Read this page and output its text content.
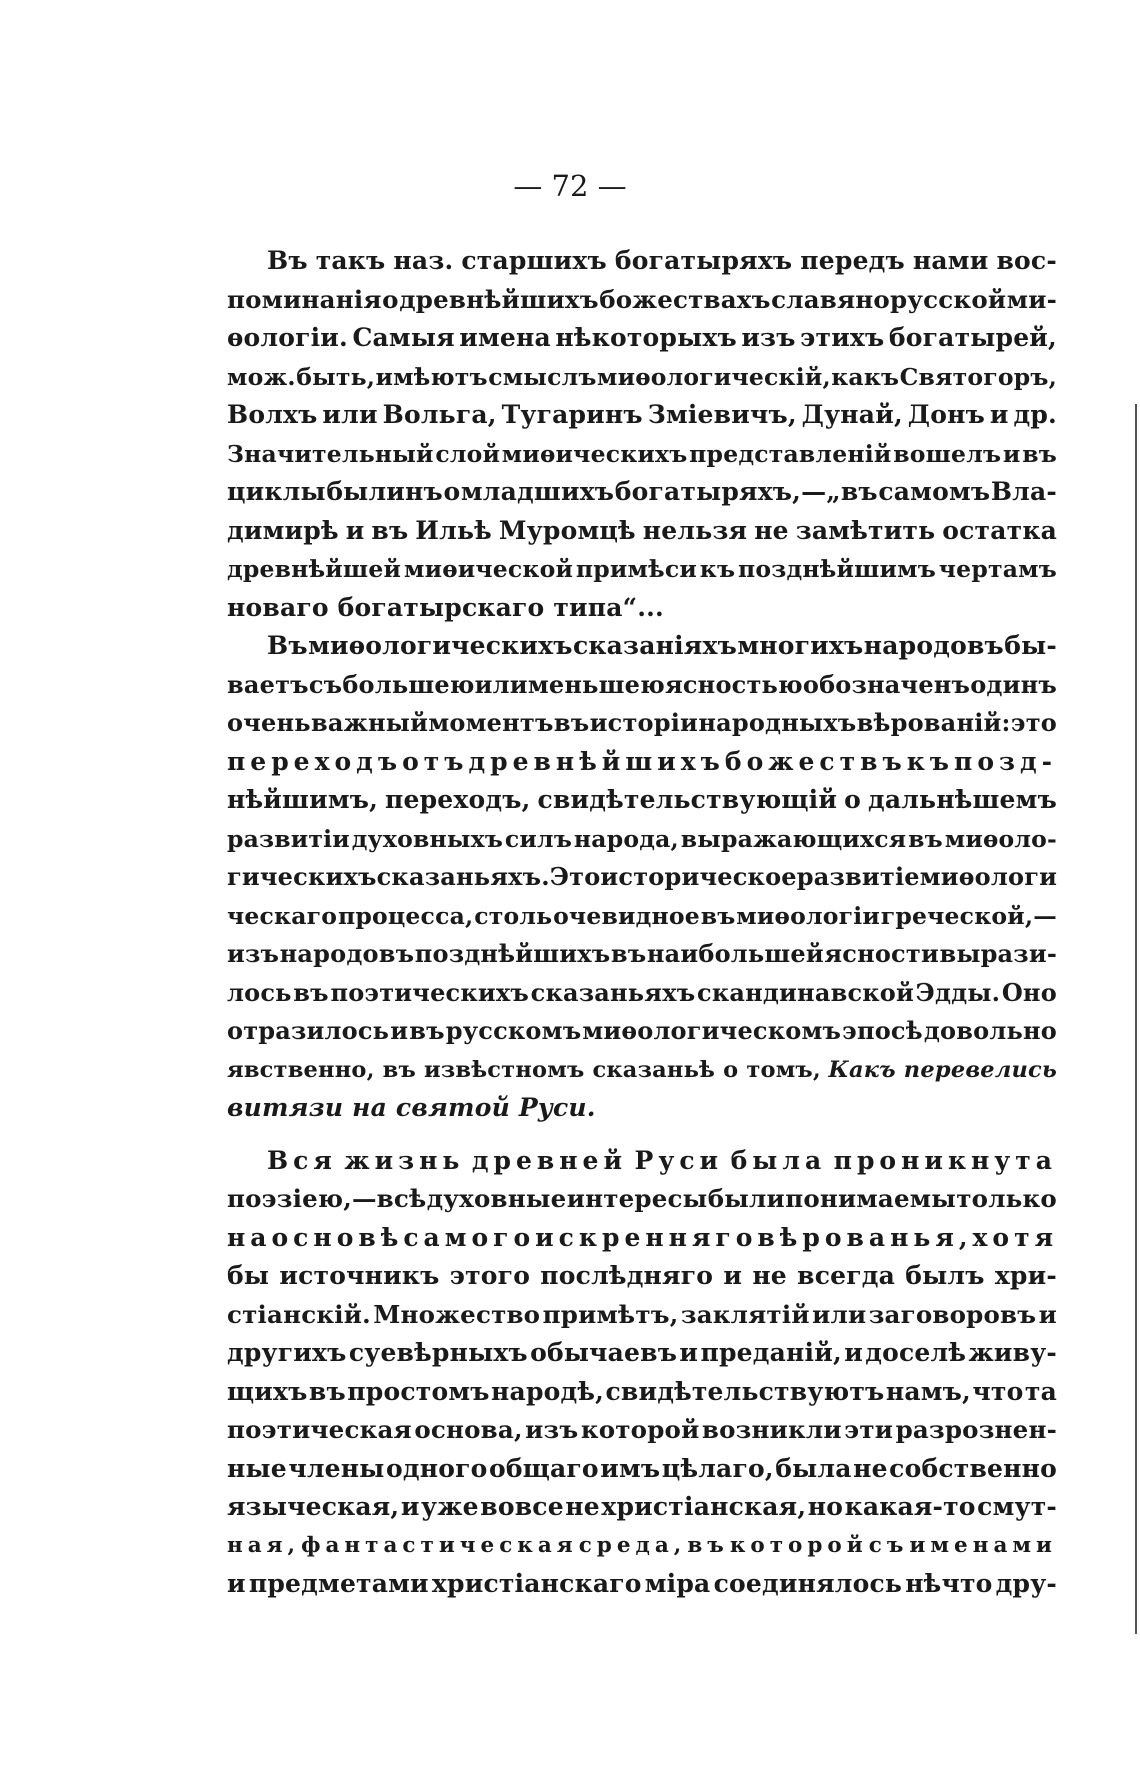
— 72 —
Въ такъ наз. старшихъ богатыряхъ передъ нами вос-
поминанія о древнѣйшихъ божествахъ славянорусской ми-
ѳологіи. Самыя имена нѣкоторыхъ изъ этихъ богатырей,
мож. быть, имѣютъ смыслъ миѳологическій, какъ Святогоръ,
Волхъ или Вольга, Тугаринъ Зміевичъ, Дунай, Донъ и др.
Значительный слой миѳическихъ представленій вошелъ и въ
циклы былинъ о младшихъ богатыряхъ,—„въ самомъ Вла-
димирѣ и въ Ильѣ Муромцѣ нельзя не замѣтить остатка
древнѣйшей миѳической примѣси къ позднѣйшимъ чертамъ
новаго богатырскаго типа“...
Въ миѳологическихъ сказаніяхъ многихъ народовъ бы-
ваетъ съ большею или меньшею ясностью обозначенъ одинъ
очень важный моментъ въ исторіи народныхъ вѣрованій: это
переходъ отъ древнѣйшихъ божествъ къ позд-
нѣйшимъ, переходъ, свидѣтельствующій о дальнѣшемъ
развитіи духовныхъ силъ народа, выражающихся въ миѳоло-
гическихъ сказаньяхъ. Это историческое развитіе миѳологи
ческаго процесса, столь очевидное въ миѳологіи греческой,—
изъ народовъ позднѣйшихъ въ наибольшей ясности вырази-
лось въ поэтическихъ сказаньяхъ скандинавской Эдды. Оно
отразилось и въ русскомъ миѳологическомъ эпосѣ довольно
явственно, въ извѣстномъ сказаньѣ о томъ, Какъ перевелись
витязи на святой Руси.
Вся жизнь древней Руси была проникнута
поэзіею,—всѣ духовные интересы были понимаемы только
на основѣ самого искренняго вѣрованья, хотя
бы источникъ этого послѣдняго и не всегда былъ хри-
стіанскій. Множество примѣтъ, заклятій или заговоровъ и
другихъ суевѣрныхъ обычаевъ и преданій, и доселѣ живу-
щихъ въ простомъ народѣ, свидѣтельствуютъ намъ, что та
поэтическая основа, изъ которой возникли эти разрознен-
ные члены одного общаго имъ цѣлаго, была не собственно
языческая, и уже вовсе не христіанская, но какая-то смут-
ная, фантастическая среда, въ которой съ именами
и предметами христіанскаго міра соединялось нѣчто дру-
